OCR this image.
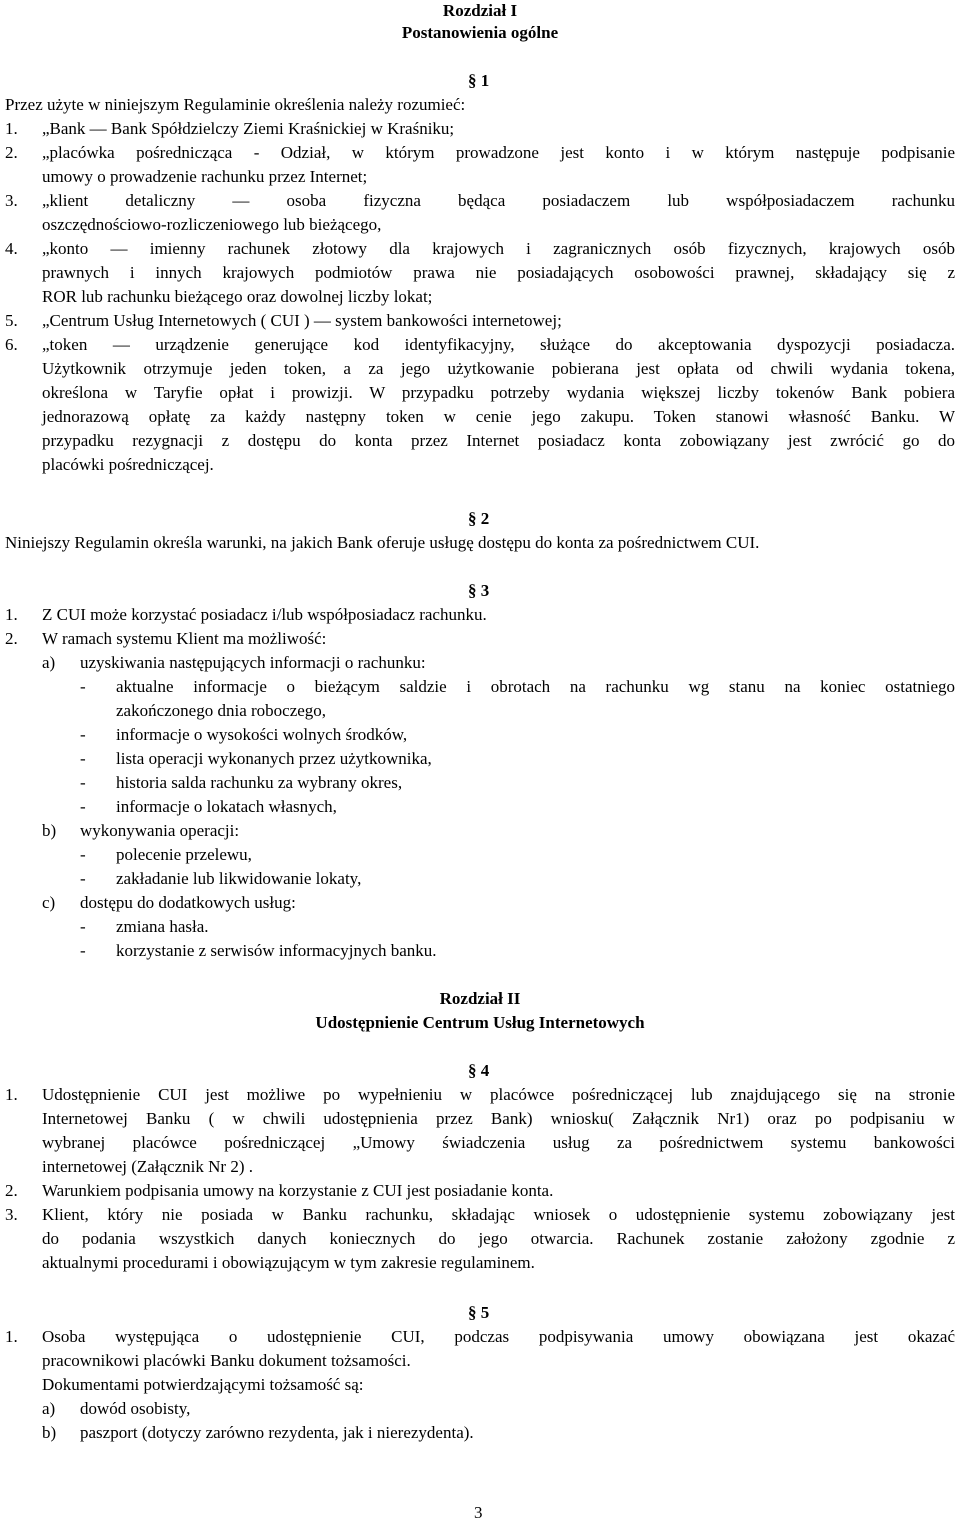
Rozdział I
Postanowienia ogólne
§ 1
Przez użyte w niniejszym Regulaminie określenia należy rozumieć:
1. „Bank — Bank Spółdzielczy Ziemi Kraśnickiej w Kraśniku;
2. „placówka pośrednicząca - Odział, w którym prowadzone jest konto i w którym następuje podpisanie
umowy o prowadzenie rachunku przez Internet;
3. „klient detaliczny — osoba fizyczna będąca posiadaczem lub współposiadaczem rachunku
oszczędnościowo-rozliczeniowego lub bieżącego,
4. „konto — imienny rachunek złotowy dla krajowych i zagranicznych osób fizycznych, krajowych osób
prawnych i innych krajowych podmiotów prawa nie posiadających osobowości prawnej, składający się z
ROR lub rachunku bieżącego oraz dowolnej liczby lokat;
5. „Centrum Usług Internetowych ( CUI ) — system bankowości internetowej;
6. „token — urządzenie generujące kod identyfikacyjny, służące do akceptowania dyspozycji posiadacza.
Użytkownik otrzymuje jeden token, a za jego użytkowanie pobierana jest opłata od chwili wydania tokena,
określona w Taryfie opłat i prowizji. W przypadku potrzeby wydania większej liczby tokenów Bank pobiera
jednorazową opłatę za każdy następny token w cenie jego zakupu. Token stanowi własność Banku. W
przypadku rezygnacji z dostępu do konta przez Internet posiadacz konta zobowiązany jest zwrócić go do
placówki pośredniczącej.
§ 2
Niniejszy Regulamin określa warunki, na jakich Bank oferuje usługę dostępu do konta za pośrednictwem CUI.
§ 3
1. Z CUI może korzystać posiadacz i/lub współposiadacz rachunku.
2. W ramach systemu Klient ma możliwość:
a) uzyskiwania następujących informacji o rachunku:
- aktualne informacje o bieżącym saldzie i obrotach na rachunku wg stanu na koniec ostatniego
zakończonego dnia roboczego,
- informacje o wysokości wolnych środków,
- lista operacji wykonanych przez użytkownika,
- historia salda rachunku za wybrany okres,
- informacje o lokatach własnych,
b) wykonywania operacji:
- polecenie przelewu,
- zakładanie lub likwidowanie lokaty,
c) dostępu do dodatkowych usług:
- zmiana hasła.
- korzystanie z serwisów informacyjnych banku.
Rozdział II
Udostępnienie Centrum Usług Internetowych
§ 4
1. Udostępnienie CUI jest możliwe po wypełnieniu w placówce pośredniczącej lub znajdującego się na stronie
Internetowej Banku ( w chwili udostępnienia przez Bank) wniosku( Załącznik Nr1) oraz po podpisaniu w
wybranej placówce pośredniczącej „Umowy świadczenia usług za pośrednictwem systemu bankowości
internetowej (Załącznik Nr 2) .
2. Warunkiem podpisania umowy na korzystanie z CUI jest posiadanie konta.
3. Klient, który nie posiada w Banku rachunku, składając wniosek o udostępnienie systemu zobowiązany jest
do podania wszystkich danych koniecznych do jego otwarcia. Rachunek zostanie założony zgodnie z
aktualnymi procedurami i obowiązującym w tym zakresie regulaminem.
§ 5
1. Osoba występująca o udostępnienie CUI, podczas podpisywania umowy obowiązana jest okazać
pracownikowi placówki Banku dokument tożsamości.
Dokumentami potwierdzającymi tożsamość są:
a) dowód osobisty,
b) paszport (dotyczy zarówno rezydenta, jak i nierezydenta).
3
